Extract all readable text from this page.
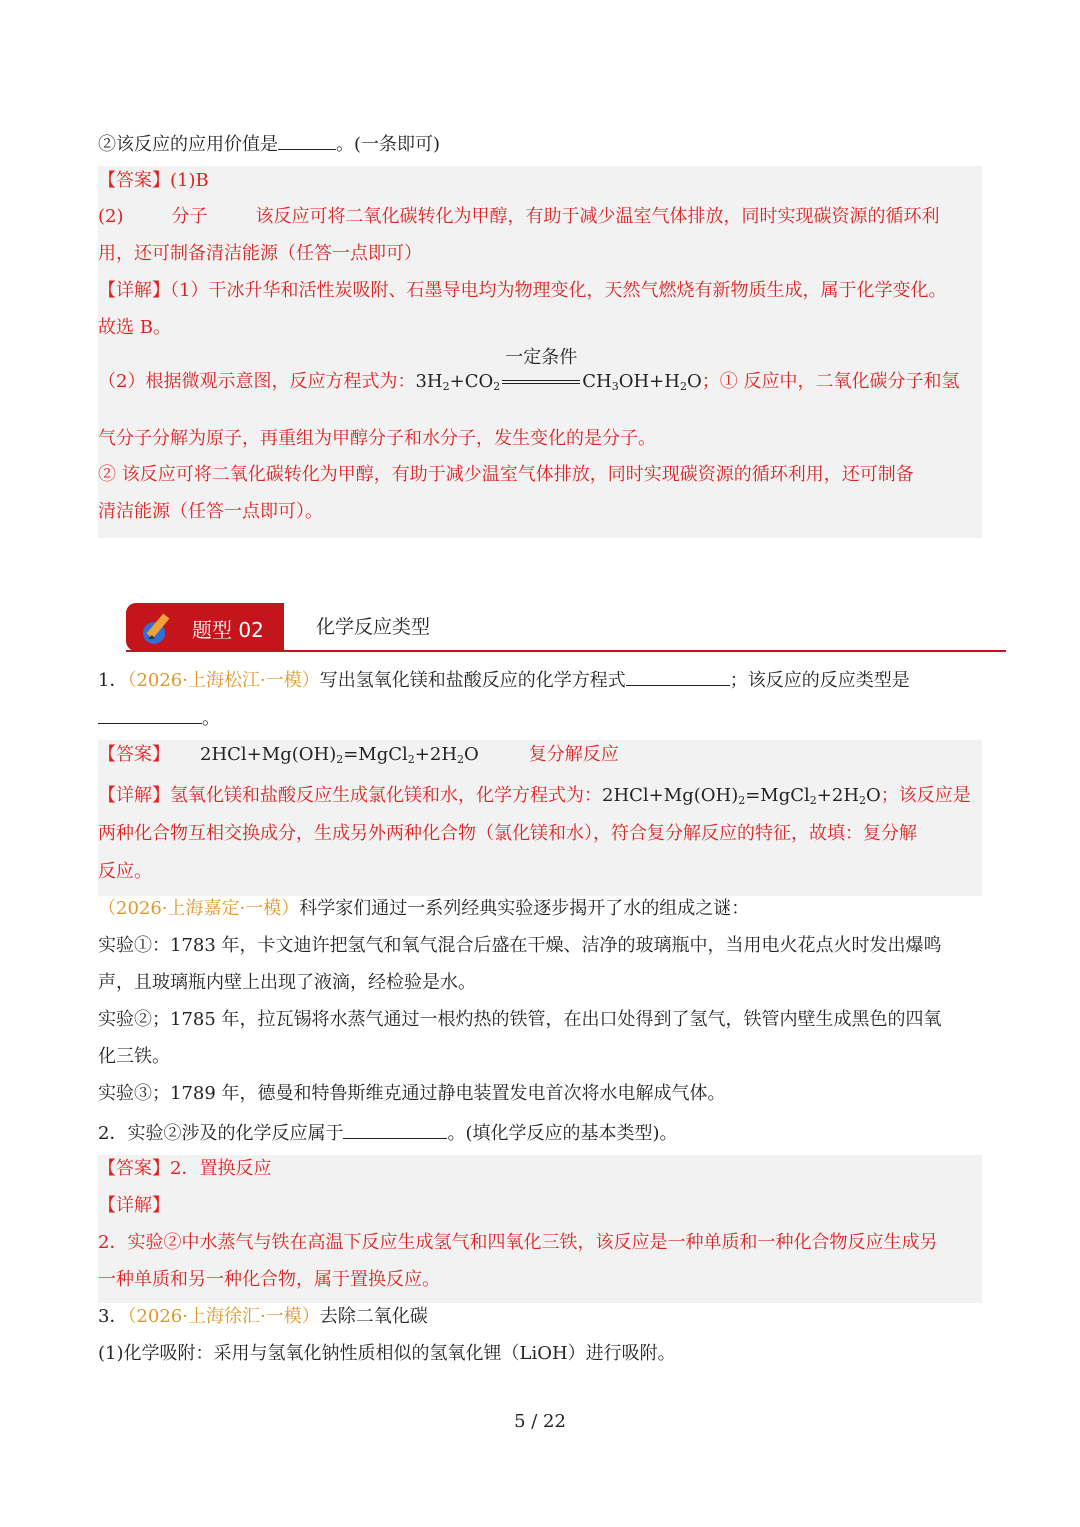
②该反应的应用价值是	。(一条即可)
【答案】(1)B
(2)	分子	该反应可将二氧化碳转化为甲醇，有助于减少温室气体排放，同时实现碳资源的循环利
用，还可制备清洁能源（任答一点即可）
【详解】（1）干冰升华和活性炭吸附、石墨导电均为物理变化，天然气燃烧有新物质生成，属于化学变化。
故选 B。
（2）根据微观示意图，反应方程式为：$3H_2+CO_2$
一定条件
$CH_3OH+H_2O$；① 反应中，二氧化碳分子和氢
气分子分解为原子，再重组为甲醇分子和水分子，发生变化的是分子。
② 该反应可将二氧化碳转化为甲醇，有助于减少温室气体排放，同时实现碳资源的循环利用，还可制备
清洁能源（任答一点即可）。
题型 02	化学反应类型
1．（2026·上海松江·一模）写出氢氧化镁和盐酸反应的化学方程式	；该反应的反应类型是
。
【答案】 $2HCl+Mg(OH)_2=MgCl_2+2H_2O$	复分解反应
【详解】氢氧化镁和盐酸反应生成氯化镁和水，化学方程式为：$2HCl+Mg(OH)_2=MgCl_2+2H_2O$；该反应是
两种化合物互相交换成分，生成另外两种化合物（氯化镁和水），符合复分解反应的特征，故填：复分解
反应。
（2026·上海嘉定·一模）科学家们通过一系列经典实验逐步揭开了水的组成之谜：
实验①：1783 年，卡文迪许把氢气和氧气混合后盛在干燥、洁净的玻璃瓶中，当用电火花点火时发出爆鸣
声，且玻璃瓶内壁上出现了液滴，经检验是水。
实验②；1785 年，拉瓦锡将水蒸气通过一根灼热的铁管，在出口处得到了氢气，铁管内壁生成黑色的四氧
化三铁。
实验③；1789 年，德曼和特鲁斯维克通过静电装置发电首次将水电解成气体。
2．实验②涉及的化学反应属于	。(填化学反应的基本类型)。
【答案】2．置换反应
【详解】
2．实验②中水蒸气与铁在高温下反应生成氢气和四氧化三铁，该反应是一种单质和一种化合物反应生成另
一种单质和另一种化合物，属于置换反应。
3．（2026·上海徐汇·一模）去除二氧化碳
(1)化学吸附：采用与氢氧化钠性质相似的氢氧化锂（LiOH）进行吸附。
5 / 22
